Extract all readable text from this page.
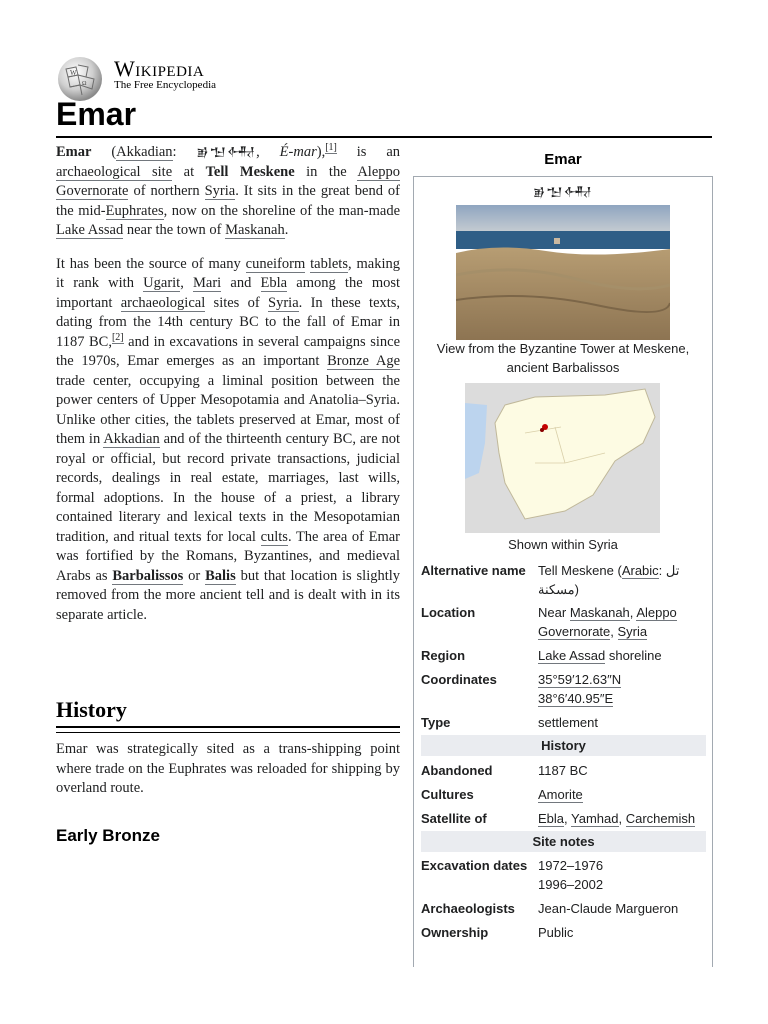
W
Ω
Wikipedia
The Free Encyclopedia
Emar

Emar (Akkadian: 𒂊𒈠𒅈, É-mar),[1] is an archaeological site at Tell Meskene in the Aleppo Governorate of northern Syria. It sits in the great bend of the mid-Euphrates, now on the shoreline of the man-made Lake Assad near the town of Maskanah.

It has been the source of many cuneiform tablets, making it rank with Ugarit, Mari and Ebla among the most important archaeological sites of Syria. In these texts, dating from the 14th century BC to the fall of Emar in 1187 BC,[2] and in excavations in several campaigns since the 1970s, Emar emerges as an important Bronze Age trade center, occupying a liminal position between the power centers of Upper Mesopotamia and Anatolia–Syria. Unlike other cities, the tablets preserved at Emar, most of them in Akkadian and of the thirteenth century BC, are not royal or official, but record private transactions, judicial records, dealings in real estate, marriages, last wills, formal adoptions. In the house of a priest, a library contained literary and lexical texts in the Mesopotamian tradition, and ritual texts for local cults. The area of Emar was fortified by the Romans, Byzantines, and medieval Arabs as Barbalissos or Balis but that location is slightly removed from the more ancient tell and is dealt with in its separate article.

History

Emar was strategically sited as a trans-shipping point where trade on the Euphrates was reloaded for shipping by overland route.

Early Bronze
Emar
𒂊𒈠𒅈
View from the Byzantine Tower at Meskene, ancient Barbalissos
Shown within Syria
Alternative name Tell Meskene (Arabic: تل مسكنة)
Location	Near Maskanah, Aleppo Governorate, Syria
Region	Lake Assad shoreline
Coordinates	35°59′12.63″N
38°6′40.95″E
Type	settlement
History
Abandoned	1187 BC
Cultures	Amorite
Satellite of	Ebla, Yamhad, Carchemish
Site notes
Excavation dates 1972–1976
1996–2002
Archaeologists	Jean-Claude Margueron
Ownership	Public
